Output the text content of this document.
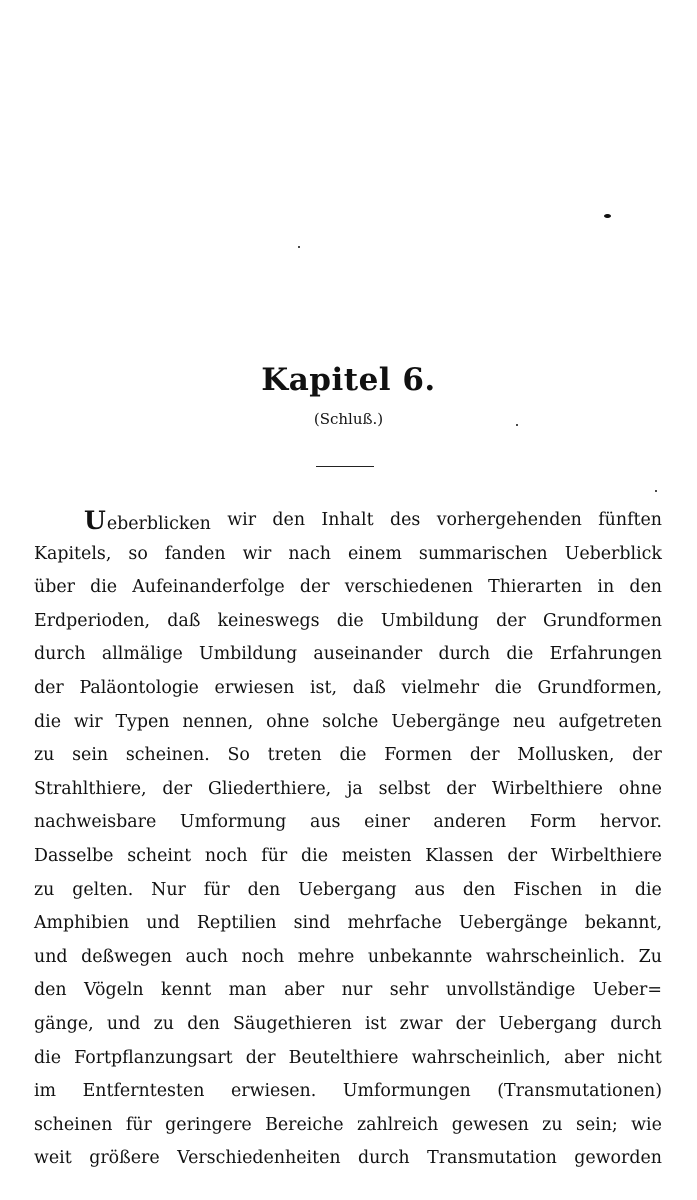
Kapitel 6.
(Schluß.)
Ueberblicken wir den Inhalt des vorhergehenden fünften
Kapitels, so fanden wir nach einem summarischen Ueberblick
über die Aufeinanderfolge der verschiedenen Thierarten in den
Erdperioden, daß keineswegs die Umbildung der Grundformen
durch allmälige Umbildung auseinander durch die Erfahrungen
der Paläontologie erwiesen ist, daß vielmehr die Grundformen,
die wir Typen nennen, ohne solche Uebergänge neu aufgetreten
zu sein scheinen. So treten die Formen der Mollusken, der
Strahlthiere, der Gliederthiere, ja selbst der Wirbelthiere ohne
nachweisbare Umformung aus einer anderen Form hervor.
Dasselbe scheint noch für die meisten Klassen der Wirbelthiere
zu gelten. Nur für den Uebergang aus den Fischen in die
Amphibien und Reptilien sind mehrfache Uebergänge bekannt,
und deßwegen auch noch mehre unbekannte wahrscheinlich. Zu
den Vögeln kennt man aber nur sehr unvollständige Ueber=
gänge, und zu den Säugethieren ist zwar der Uebergang durch
die Fortpflanzungsart der Beutelthiere wahrscheinlich, aber nicht
im Entferntesten erwiesen. Umformungen (Transmutationen)
scheinen für geringere Bereiche zahlreich gewesen zu sein; wie
weit größere Verschiedenheiten durch Transmutation geworden
